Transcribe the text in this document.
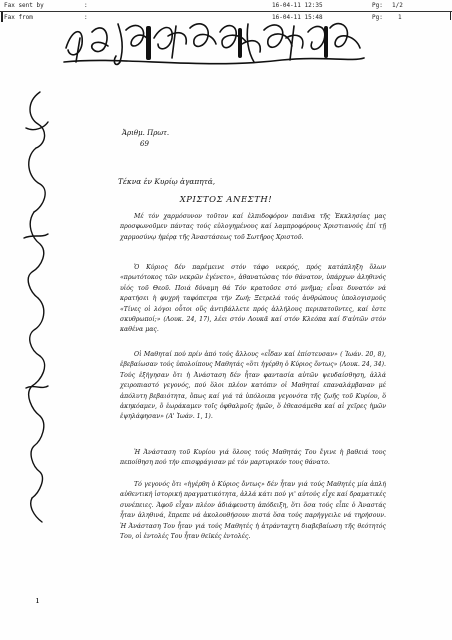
Fax sent by	:	16-04-11 12:35	Pg: 1/2
Fax from	:	16-04-11 15:48	Pg:	1
Ἀριθμ. Πρωτ.
69
Τέκνα ἐν Κυρίῳ ἀγαπητά,
ΧΡΙΣΤΟΣ ΑΝΕΣΤΗ!

Μέ τόν χαρμόσυνον τοῦτον καί ἐλπιδοφόρον παιᾶνα τῆς Ἐκκλησίας μας προσφωνοῦμεν πάντας τούς εὐλογημένους καί λαμπροφόρους Χριστιανούς ἐπί τῇ χαρμοσύνῳ ἡμέρᾳ τῆς Ἀναστάσεως τοῦ Σωτῆρος Χριστοῦ.

Ὁ Κύριος δέν παρέμεινε στόν τάφο νεκρός, πρός κατάπληξη ὅλων «πρωτότοκος τῶν νεκρῶν ἐγένετο», ἀθανατώσας τόν θάνατον, ὑπάρχων ἀληθινός υἱός τοῦ Θεοῦ. Ποιά δύναμη θά Τόν κρατοῦσε στό μνῆμα; εἶναι δυνατόν νά κρατήσει ἡ φυχρή ταφόπετρα τήν Ζωή; Ξετρελά τούς ἀνθρώπους ὑπολογισμούς «Τίνες οἱ λόγοι οὗτοι οὕς ἀντιβάλλετε πρός ἀλλήλους περιπατοῦντες, καί ἐστε σκυθρωποί;» (Λουκ. 24, 17), λέει στόν Λουκᾶ καί στόν Κλεόπα καί δ'αὐτῶν στόν καθένα μας.

Οἱ Μαθηταί πού πρίν ἀπό τούς ἄλλους «εἶδαν καί ἐπίστευσαν» ( Ἰωάν. 20, 8), ἐβεβαίωσαν τούς ὑπολοίπους Μαθητάς «ὅτι ἠγέρθη ὁ Κύριος ὄντως» (Λουκ. 24, 34). Τούς ἐξήγησαν ὅτι ἡ Ἀνάσταση δέν ἦταν φαντασία αὐτῶν ψευδαίσθηση, ἀλλά χειροπιαστό γεγονός, πού ὅλοι πλέον κατόπιν οἱ Μαθηταί επαναλάμβαναν μέ ἀπόλυτη βεβαιότητα, ὅπως καί γιά τά ὑπόλοιπα γεγονότα τῆς ζωῆς τοῦ Κυρίου, ὅ ἀκηκόαμεν, ὅ ἑωράκαμεν τοῖς ὀφθαλμοῖς ἡμῶν, ὅ ἐθεασάμεθα καί αἱ χεῖρες ἡμῶν ἐψηλάφησαν» (Α' Ἰωάν. 1, 1).

Ἡ Ἀνάσταση τοῦ Κυρίου γιά ὅλους τούς Μαθητάς Του ἔγινε ἡ βαθειά τους πεποίθηση πού τήν επισφράγισαν μέ τόν μαρτυρικόν τους θάνατο.

Τό γεγονός ὅτι «ἠγέρθη ὁ Κύριος ὄντως» δέν ἦταν γιά τούς Μαθητές μία ἁπλή αὐθεντική ἱστορική πραγματικότητα, ἀλλά κάτι πού γι' αὐτούς εἶχε καί δραματικές συνέπειες. Ἀφοῦ εἶχαν πλέον ἀδιάφευστη ἀπόδειξη, ὅτι ὅσα τούς εἶπε ὁ Ἀναστάς ἦταν ἀληθινά, ἔπρεπε νά ἀκολουθήσουν πιστά ὅσα τούς παρήγγειλε νά τηρήσουν. Ἡ Ἀνάσταση Του ἦταν γιά τούς Μαθητές ἡ ἀτράνταχτη διαβεβαίωση τῆς θεότητός Του, οἱ ἐντολές Του ἦταν θεϊκές ἐντολές.

ı
